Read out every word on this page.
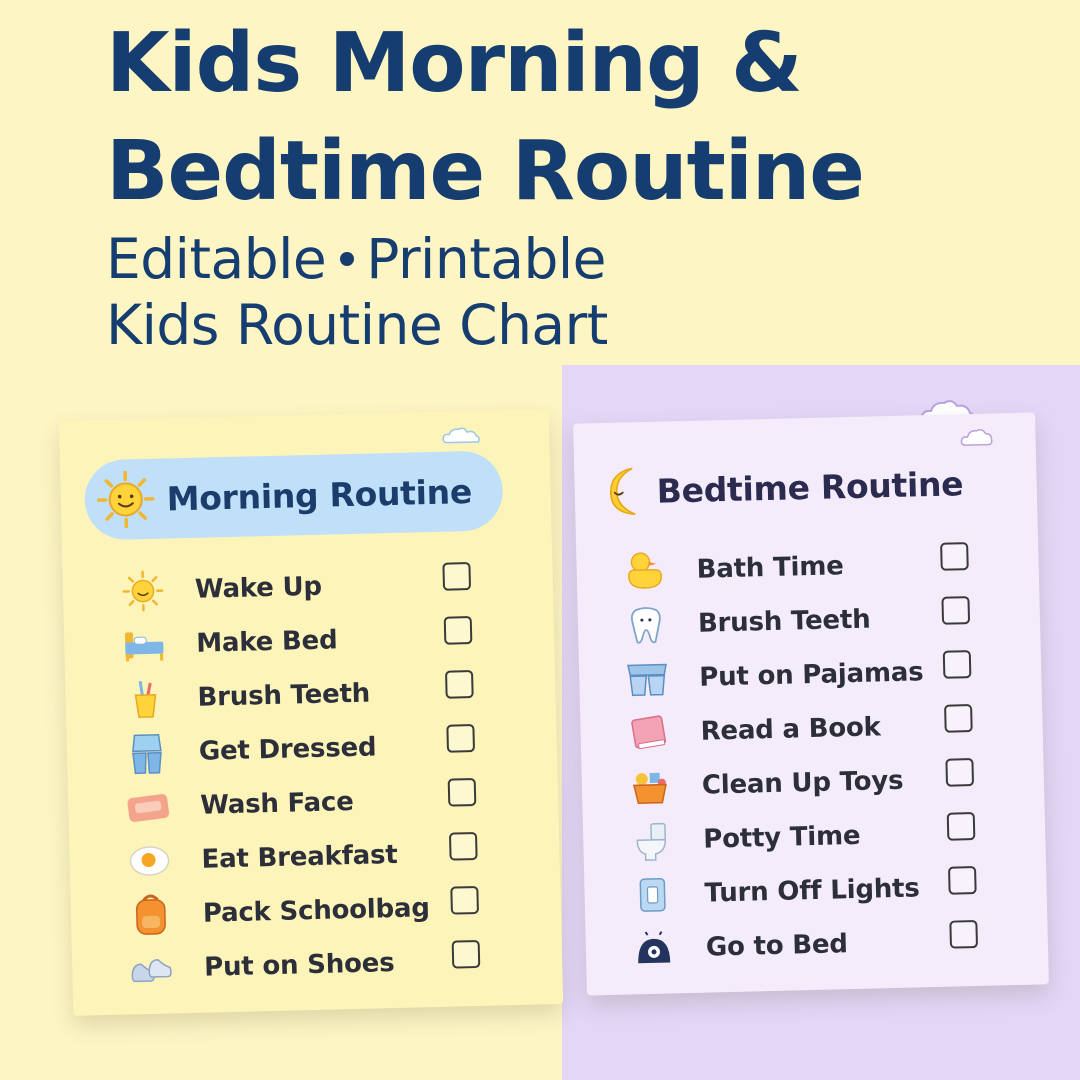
Kids Morning &
Bedtime Routine
Editable Printable
Kids Routine Chart
Morning Routine
Wake Up
Make Bed
Brush Teeth
Get Dressed
Wash Face
Eat Breakfast
Pack Schoolbag
Put on Shoes
Bedtime Routine
Bath Time
Brush Teeth
Put on Pajamas
Read a Book
Clean Up Toys
Potty Time
Turn Off Lights
Go to Bed
